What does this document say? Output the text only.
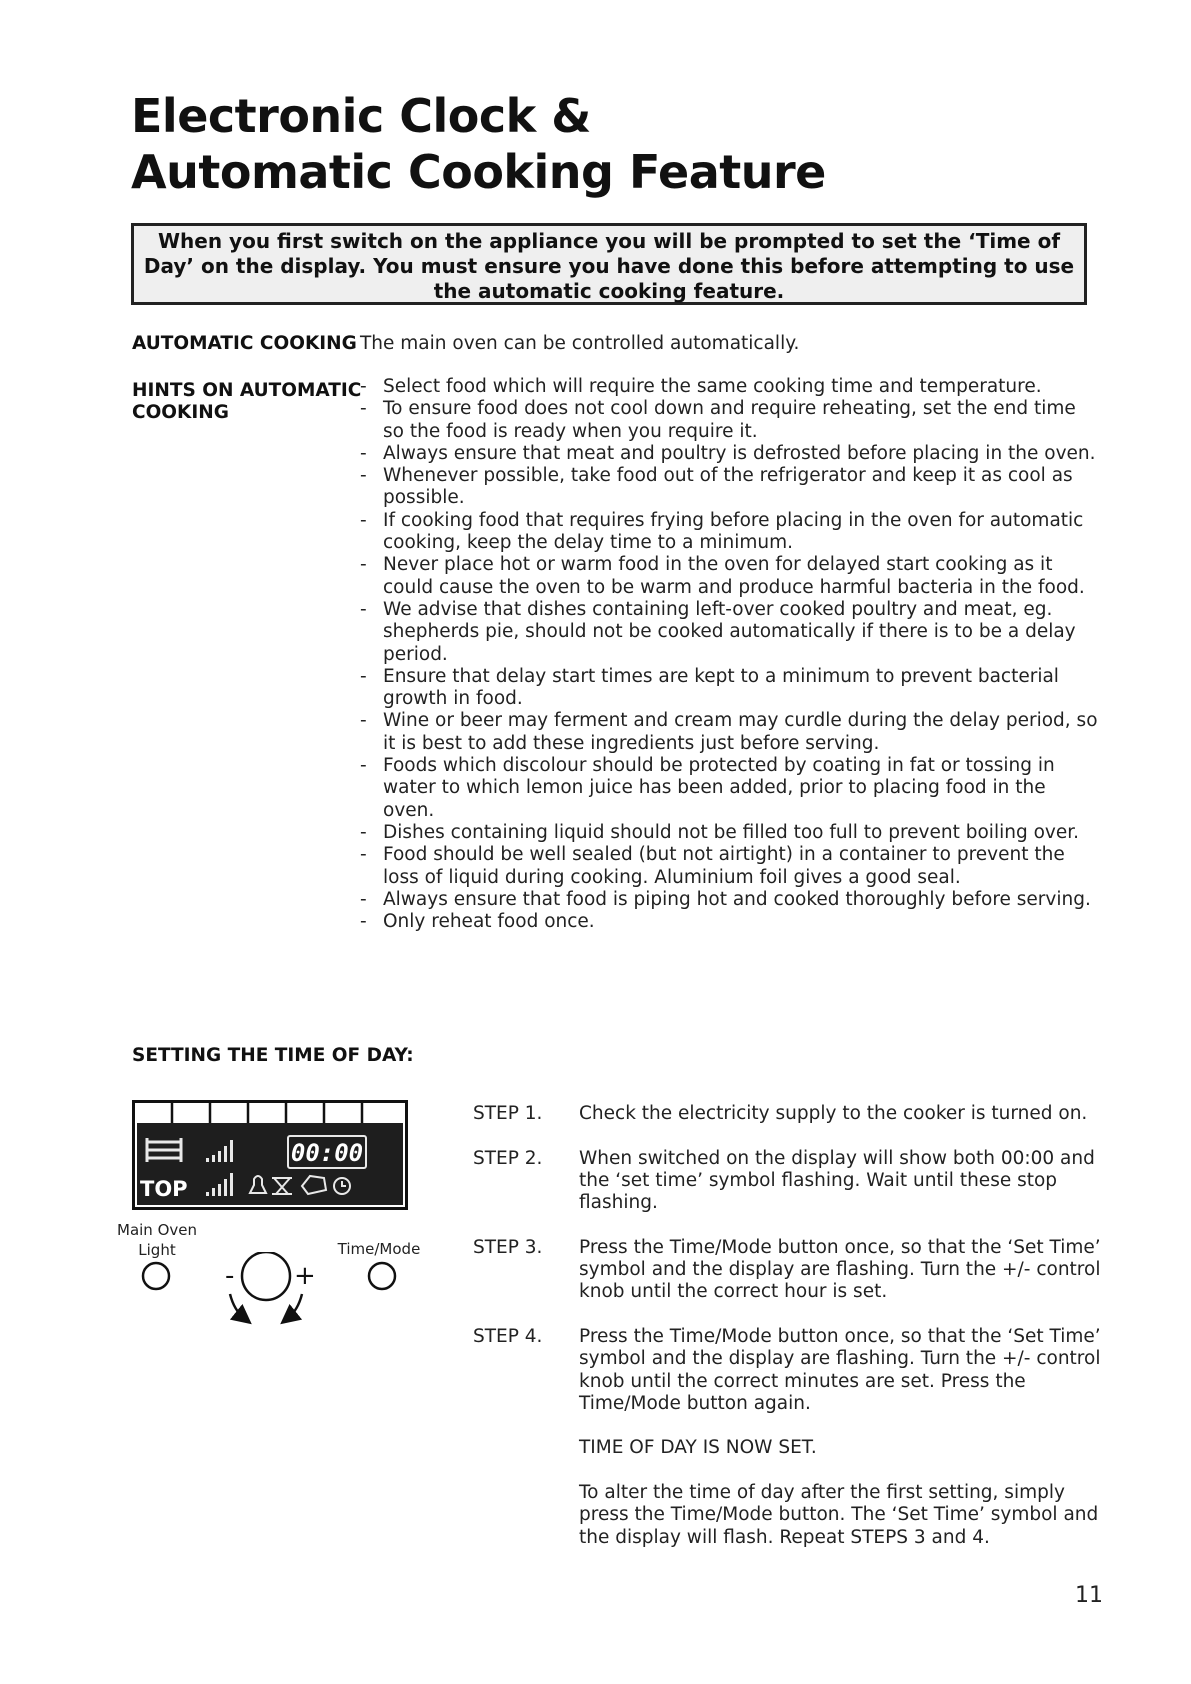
Electronic Clock &
Automatic Cooking Feature
When you first switch on the appliance you will be prompted to set the ‘Time of Day’ on the display. You must ensure you have done this before attempting to use the automatic cooking feature.
AUTOMATIC COOKING The main oven can be controlled automatically.
HINTS ON AUTOMATIC
COOKING
- Select food which will require the same cooking time and temperature.
- To ensure food does not cool down and require reheating, set the end time so the food is ready when you require it.
- Always ensure that meat and poultry is defrosted before placing in the oven.
- Whenever possible, take food out of the refrigerator and keep it as cool as possible.
- If cooking food that requires frying before placing in the oven for automatic cooking, keep the delay time to a minimum.
- Never place hot or warm food in the oven for delayed start cooking as it could cause the oven to be warm and produce harmful bacteria in the food.
- We advise that dishes containing left-over cooked poultry and meat, eg. shepherds pie, should not be cooked automatically if there is to be a delay period.
- Ensure that delay start times are kept to a minimum to prevent bacterial growth in food.
- Wine or beer may ferment and cream may curdle during the delay period, so it is best to add these ingredients just before serving.
- Foods which discolour should be protected by coating in fat or tossing in water to which lemon juice has been added, prior to placing food in the oven.
- Dishes containing liquid should not be filled too full to prevent boiling over.
- Food should be well sealed (but not airtight) in a container to prevent the loss of liquid during cooking. Aluminium foil gives a good seal.
- Always ensure that food is piping hot and cooked thoroughly before serving.
- Only reheat food once.
SETTING THE TIME OF DAY:
00:00
TOP
Main Oven
Light	Time/Mode
- +
STEP 1. Check the electricity supply to the cooker is turned on.
STEP 2. When switched on the display will show both 00:00 and the ‘set time’ symbol flashing. Wait until these stop flashing.
STEP 3. Press the Time/Mode button once, so that the ‘Set Time’ symbol and the display are flashing. Turn the +/- control knob until the correct hour is set.
STEP 4. Press the Time/Mode button once, so that the ‘Set Time’ symbol and the display are flashing. Turn the +/- control knob until the correct minutes are set. Press the Time/Mode button again.
TIME OF DAY IS NOW SET.
To alter the time of day after the first setting, simply press the Time/Mode button. The ‘Set Time’ symbol and the display will flash. Repeat STEPS 3 and 4.
11
